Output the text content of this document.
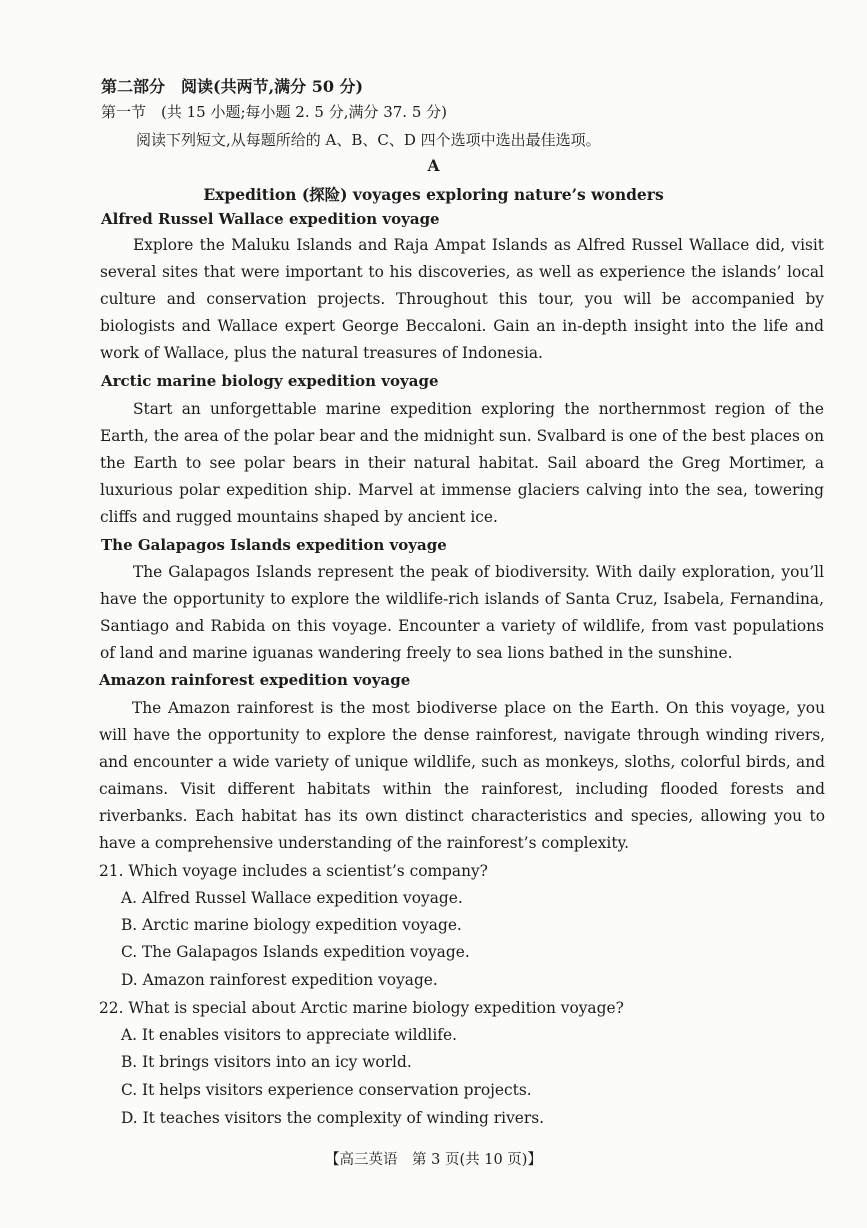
第二部分　阅读(共两节,满分 50 分)
第一节　(共 15 小题;每小题 2. 5 分,满分 37. 5 分)
阅读下列短文,从每题所给的 A、B、C、D 四个选项中选出最佳选项。
A
Expedition (探险) voyages exploring nature’s wonders
Alfred Russel Wallace expedition voyage

Explore the Maluku Islands and Raja Ampat Islands as Alfred Russel Wallace did, visit several sites that were important to his discoveries, as well as experience the islands’ local culture and conservation projects. Throughout this tour, you will be accompanied by biologists and Wallace expert George Beccaloni. Gain an in-depth insight into the life and work of Wallace, plus the natural treasures of Indonesia.

Arctic marine biology expedition voyage

Start an unforgettable marine expedition exploring the northernmost region of the Earth, the area of the polar bear and the midnight sun. Svalbard is one of the best places on the Earth to see polar bears in their natural habitat. Sail aboard the Greg Mortimer, a luxurious polar expedition ship. Marvel at immense glaciers calving into the sea, towering cliffs and rugged mountains shaped by ancient ice.

The Galapagos Islands expedition voyage

The Galapagos Islands represent the peak of biodiversity. With daily exploration, you’ll have the opportunity to explore the wildlife-rich islands of Santa Cruz, Isabela, Fernandina, Santiago and Rabida on this voyage. Encounter a variety of wildlife, from vast populations of land and marine iguanas wandering freely to sea lions bathed in the sunshine.

Amazon rainforest expedition voyage

The Amazon rainforest is the most biodiverse place on the Earth. On this voyage, you will have the opportunity to explore the dense rainforest, navigate through winding rivers, and encounter a wide variety of unique wildlife, such as monkeys, sloths, colorful birds, and caimans. Visit different habitats within the rainforest, including flooded forests and riverbanks. Each habitat has its own distinct characteristics and species, allowing you to have a comprehensive understanding of the rainforest’s complexity.

21. Which voyage includes a scientist’s company?
A. Alfred Russel Wallace expedition voyage.
B. Arctic marine biology expedition voyage.
C. The Galapagos Islands expedition voyage.
D. Amazon rainforest expedition voyage.
22. What is special about Arctic marine biology expedition voyage?
A. It enables visitors to appreciate wildlife.
B. It brings visitors into an icy world.
C. It helps visitors experience conservation projects.
D. It teaches visitors the complexity of winding rivers.
【高三英语　第 3 页(共 10 页)】
